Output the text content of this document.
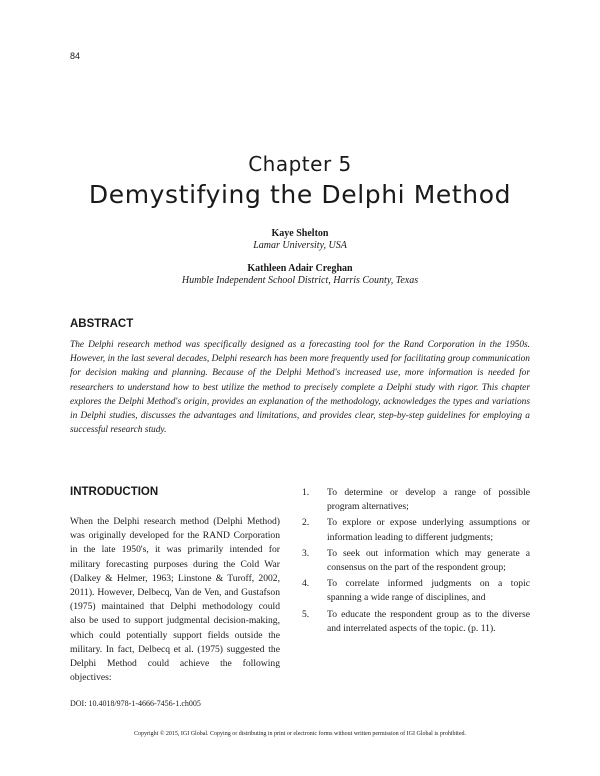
84
Chapter 5
Demystifying the Delphi Method
Kaye Shelton
Lamar University, USA
Kathleen Adair Creghan
Humble Independent School District, Harris County, Texas
ABSTRACT

The Delphi research method was specifically designed as a forecasting tool for the Rand Corporation in the 1950s. However, in the last several decades, Delphi research has been more frequently used for facilitating group communication for decision making and planning. Because of the Delphi Method's increased use, more information is needed for researchers to understand how to best utilize the method to precisely complete a Delphi study with rigor. This chapter explores the Delphi Method's origin, provides an explanation of the methodology, acknowledges the types and variations in Delphi studies, discusses the advantages and limitations, and provides clear, step-by-step guidelines for employing a successful research study.

INTRODUCTION

When the Delphi research method (Delphi Method) was originally developed for the RAND Corporation in the late 1950's, it was primarily intended for military forecasting purposes during the Cold War (Dalkey & Helmer, 1963; Linstone & Turoff, 2002, 2011). However, Delbecq, Van de Ven, and Gustafson (1975) maintained that Delphi methodology could also be used to support judgmental decision-making, which could potentially support fields outside the military. In fact, Delbecq et al. (1975) suggested the Delphi Method could achieve the following objectives:

1. To determine or develop a range of possible program alternatives;
2. To explore or expose underlying assumptions or information leading to different judgments;
3. To seek out information which may generate a consensus on the part of the respondent group;
4. To correlate informed judgments on a topic spanning a wide range of disciplines, and
5. To educate the respondent group as to the diverse and interrelated aspects of the topic. (p. 11).
DOI: 10.4018/978-1-4666-7456-1.ch005
Copyright © 2015, IGI Global. Copying or distributing in print or electronic forms without written permission of IGI Global is prohibited.
